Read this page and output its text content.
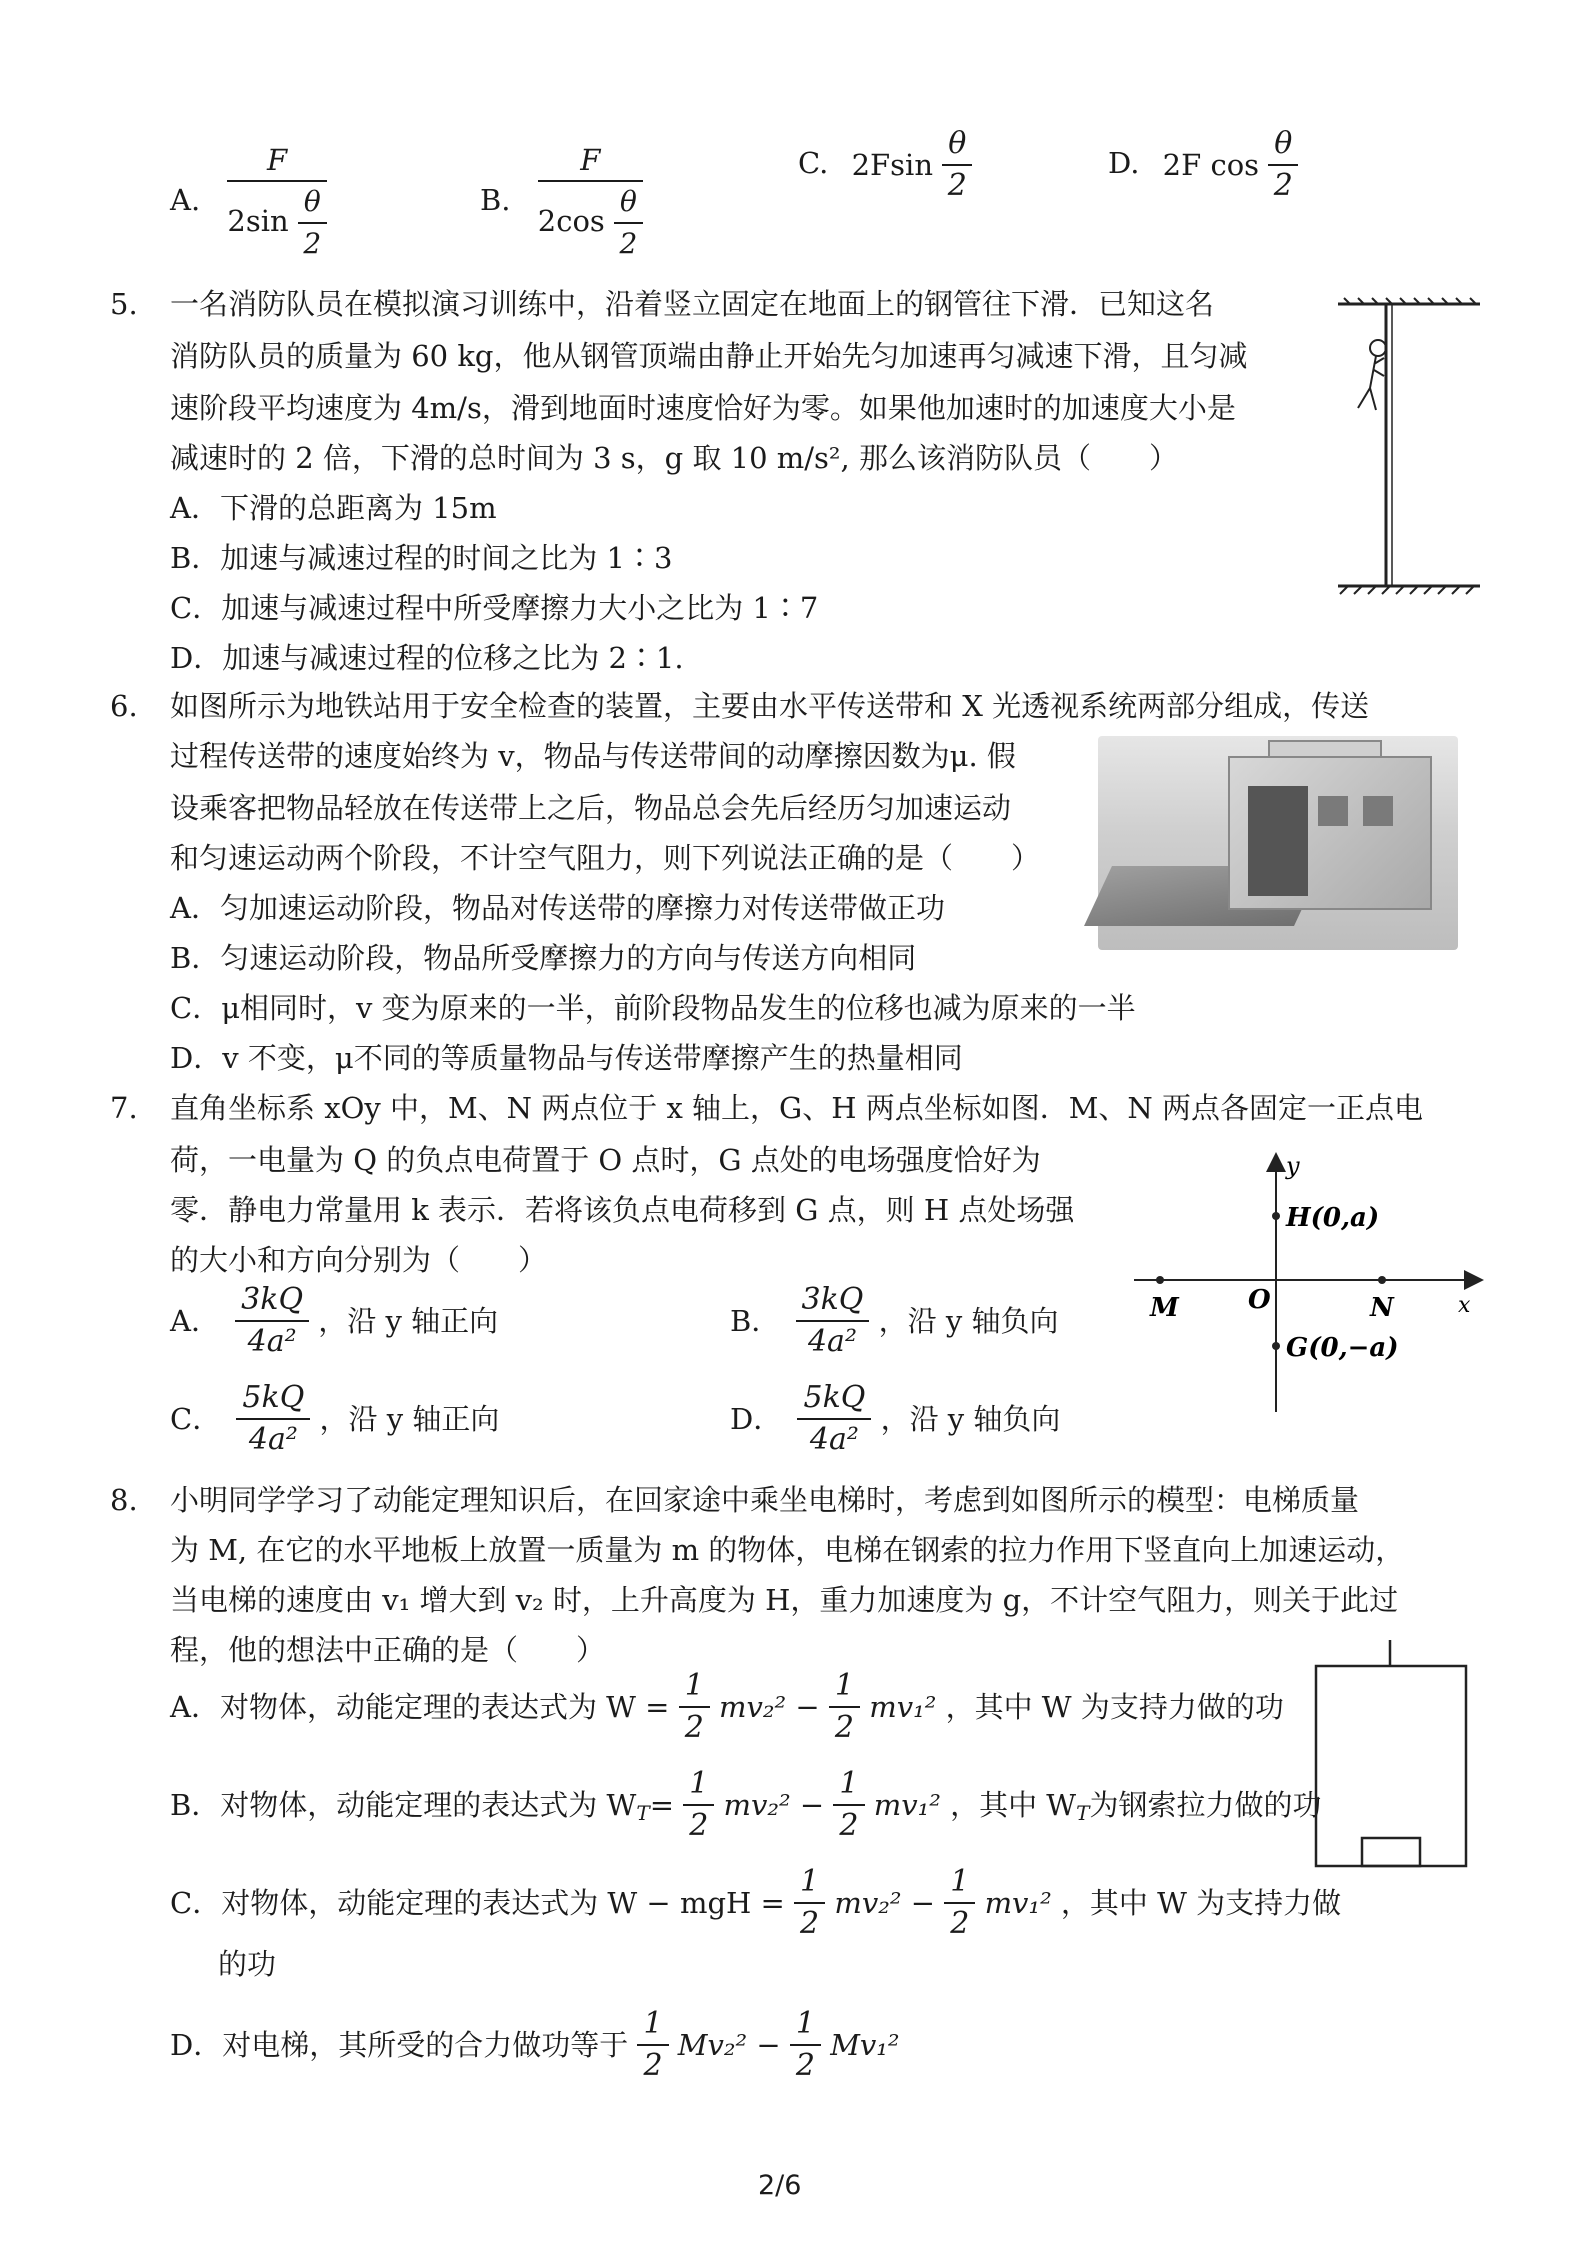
A. $\frac{F}{2\sin \frac{\theta}{2}}$	B. $\frac{F}{2\cos \frac{\theta}{2}}$	C. $2Fsin \frac{\theta}{2}$	D. 2F $\cos \frac{\theta}{2}$
5. 一名消防队员在模拟演习训练中，沿着竖立固定在地面上的钢管往下滑．已知这名
消防队员的质量为 60 kg，他从钢管顶端由静止开始先匀加速再匀减速下滑，且匀减
速阶段平均速度为 4m/s，滑到地面时速度恰好为零。如果他加速时的加速度大小是
减速时的 2 倍，下滑的总时间为 3 s，g 取 10 m/s², 那么该消防队员（　　）
A．下滑的总距离为 15m
B．加速与减速过程的时间之比为 1∶3
C．加速与减速过程中所受摩擦力大小之比为 1∶7
D．加速与减速过程的位移之比为 2∶1.
6. 如图所示为地铁站用于安全检查的装置，主要由水平传送带和 X 光透视系统两部分组成，传送
过程传送带的速度始终为 v，物品与传送带间的动摩擦因数为μ. 假
设乘客把物品轻放在传送带上之后，物品总会先后经历匀加速运动
和匀速运动两个阶段，不计空气阻力，则下列说法正确的是（　　）
A．匀加速运动阶段，物品对传送带的摩擦力对传送带做正功
B．匀速运动阶段，物品所受摩擦力的方向与传送方向相同
C．μ相同时，v 变为原来的一半，前阶段物品发生的位移也减为原来的一半
D．v 不变，μ不同的等质量物品与传送带摩擦产生的热量相同
7. 直角坐标系 xOy 中，M、N 两点位于 x 轴上，G、H 两点坐标如图．M、N 两点各固定一正点电
荷，一电量为 Q 的负点电荷置于 O 点时，G 点处的电场强度恰好为
零．静电力常量用 k 表示．若将该负点电荷移到 G 点，则 H 点处场强
的大小和方向分别为（　　）
A． $\frac{3kQ}{\text{4a²}}$ ，沿 y 轴正向	B． $\frac{3kQ}{\text{4a²}}$ ，沿 y 轴负向
C． $\frac{5kQ}{\text{4a²}}$ ，沿 y 轴正向	D． $\frac{5kQ}{\text{4a²}}$ ，沿 y 轴负向
y
H(0,a)
M	O	N	x
G(0,−a)
8. 小明同学学习了动能定理知识后，在回家途中乘坐电梯时，考虑到如图所示的模型：电梯质量
为 M, 在它的水平地板上放置一质量为 m 的物体，电梯在钢索的拉力作用下竖直向上加速运动，
当电梯的速度由 v₁ 增大到 v₂ 时，上升高度为 H，重力加速度为 g，不计空气阻力，则关于此过
程，他的想法中正确的是（　　）
A．对物体，动能定理的表达式为 $W = \frac{1}{2} mv_2^2 - \frac{1}{2} mv_1^2$ ，其中 W 为支持力做的功
B．对物体，动能定理的表达式为 $W_T= \frac{1}{2} mv_2^2 - \frac{1}{2} mv_1^2$ ，其中 $W_T$为钢索拉力做的功
C．对物体，动能定理的表达式为 W − mgH = $\frac{1}{2} mv_2^2 - \frac{1}{2} mv_1^2$ ，其中 W 为支持力做
的功
D．对电梯，其所受的合力做功等于 $\frac{1}{2} Mv_2^2 - \frac{1}{2} Mv_1^2$
2/6
